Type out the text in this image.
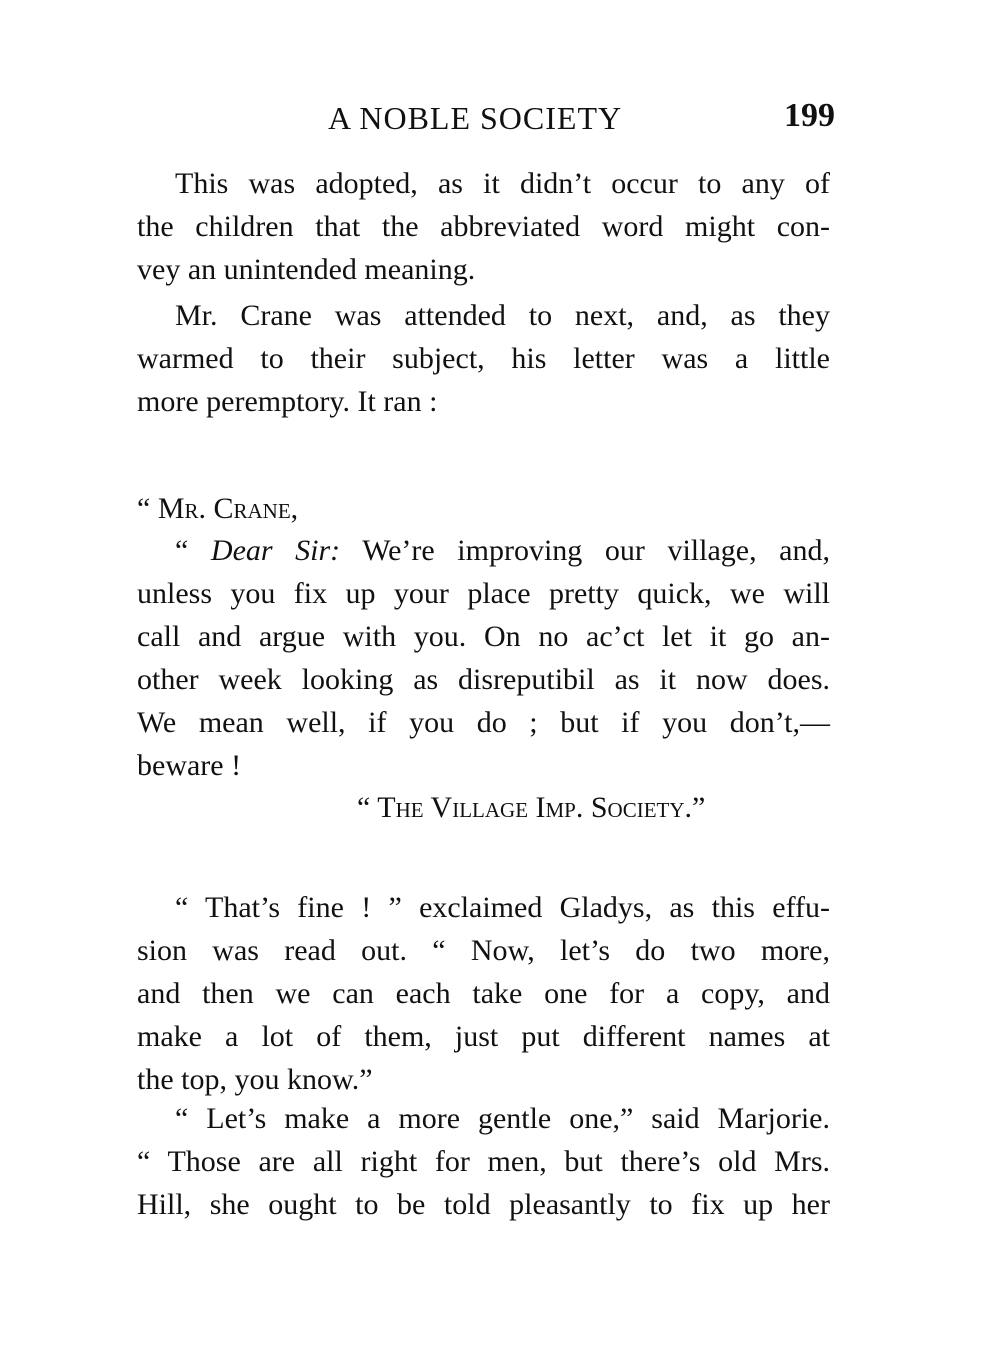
A NOBLE SOCIETY	199
This was adopted, as it didn’t occur to any of
the children that the abbreviated word might con-
vey an unintended meaning.
Mr. Crane was attended to next, and, as they
warmed to their subject, his letter was a little
more peremptory. It ran :
“ Mr. Crane,
“ Dear Sir: We’re improving our village, and,
unless you fix up your place pretty quick, we will
call and argue with you. On no ac’ct let it go an-
other week looking as disreputibil as it now does.
We mean well, if you do ; but if you don’t,—
beware !
“ The Village Imp. Society.”
“ That’s fine ! ” exclaimed Gladys, as this effu-
sion was read out. “ Now, let’s do two more,
and then we can each take one for a copy, and
make a lot of them, just put different names at
the top, you know.”
“ Let’s make a more gentle one,” said Marjorie.
“ Those are all right for men, but there’s old Mrs.
Hill, she ought to be told pleasantly to fix up her
